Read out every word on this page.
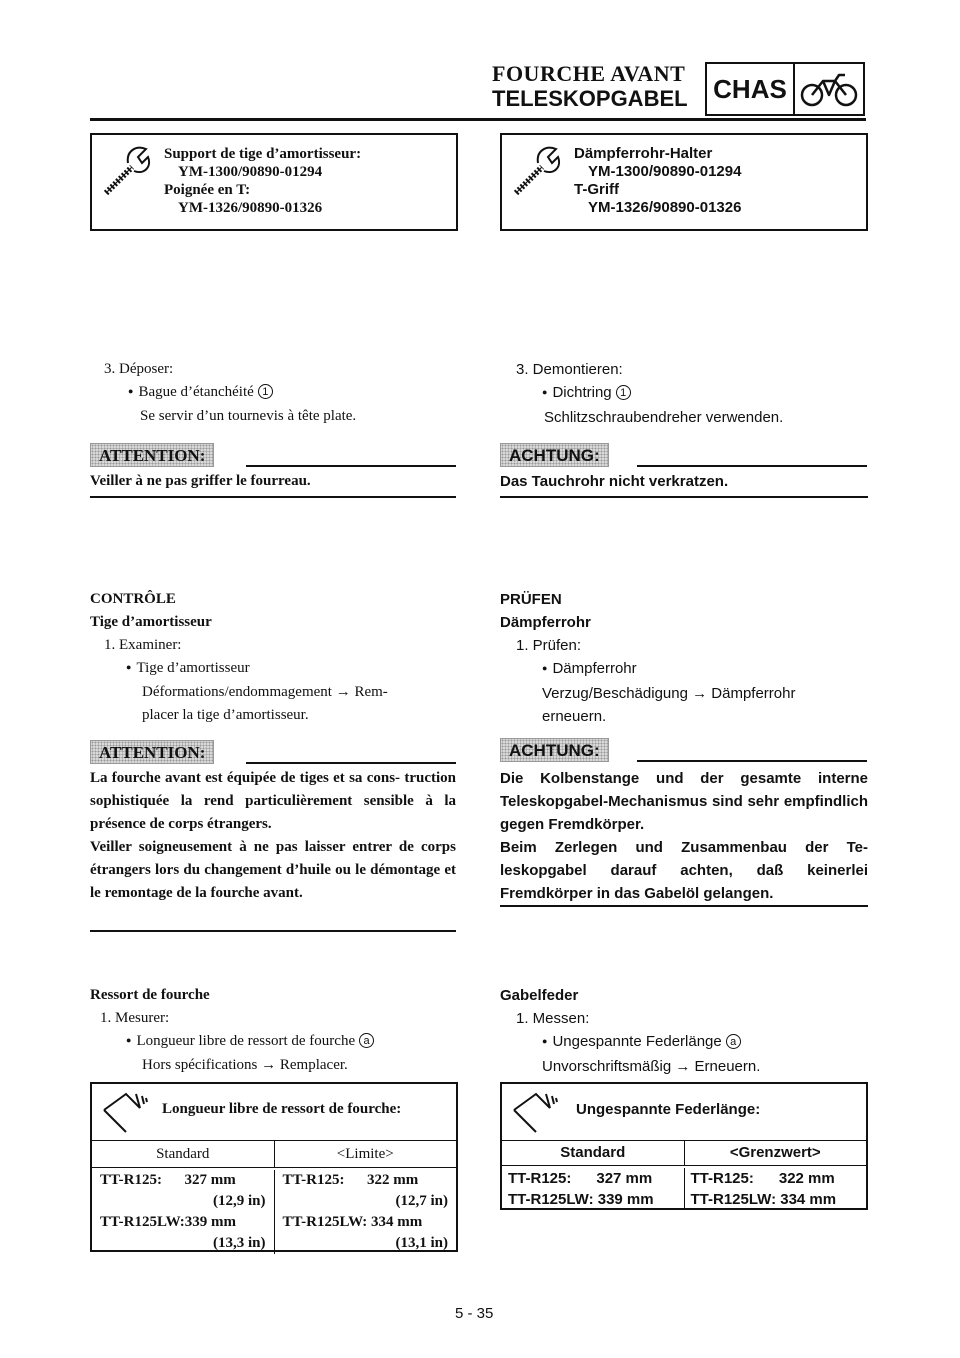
FOURCHE AVANT
TELESKOPGABEL CHAS
Support de tige d’amortisseur:
YM-1300/90890-01294
Poignée en T:
YM-1326/90890-01326
Dämpferrohr-Halter
YM-1300/90890-01294
T-Griff
YM-1326/90890-01326
3. Déposer:
● Bague d’étanchéité 1
Se servir d’un tournevis à tête plate.
ATTENTION:
Veiller à ne pas griffer le fourreau.
3. Demontieren:
● Dichtring 1
Schlitzschraubendreher verwenden.
ACHTUNG:
Das Tauchrohr nicht verkratzen.
CONTRÔLE
Tige d’amortisseur
1. Examiner:
● Tige d’amortisseur
Déformations/endommagement → Rem-
placer la tige d’amortisseur.
ATTENTION:
La fourche avant est équipée de tiges et sa cons- truction sophistiquée la rend particulièrement sensible à la présence de corps étrangers.
Veiller soigneusement à ne pas laisser entrer de corps étrangers lors du changement d’huile ou le démontage et le remontage de la fourche avant.
PRÜFEN
Dämpferrohr
1. Prüfen:
● Dämpferrohr
Verzug/Beschädigung → Dämpferrohr
erneuern.
ACHTUNG:
Die Kolbenstange und der gesamte interne Teleskopgabel-Mechanismus sind sehr empfindlich gegen Fremdkörper.
Beim Zerlegen und Zusammenbau der Te- leskopgabel darauf achten, daß keinerlei Fremdkörper in das Gabelöl gelangen.
Ressort de fourche
1. Mesurer:
● Longueur libre de ressort de fourche a
Hors spécifications → Remplacer.
Longueur libre de ressort de fourche:
Standard	<Limite>
TT-R125:      327 mm
(12,9 in)
TT-R125LW:339 mm
(13,3 in)
TT-R125:      322 mm
(12,7 in)
TT-R125LW: 334 mm
(13,1 in)
Gabelfeder
1. Messen:
● Ungespannte Federlänge a
Unvorschriftsmäßig → Erneuern.
Ungespannte Federlänge:
Standard	<Grenzwert>
TT-R125:      327 mm
TT-R125LW: 339 mm
TT-R125:      322 mm
TT-R125LW: 334 mm
5 - 35
